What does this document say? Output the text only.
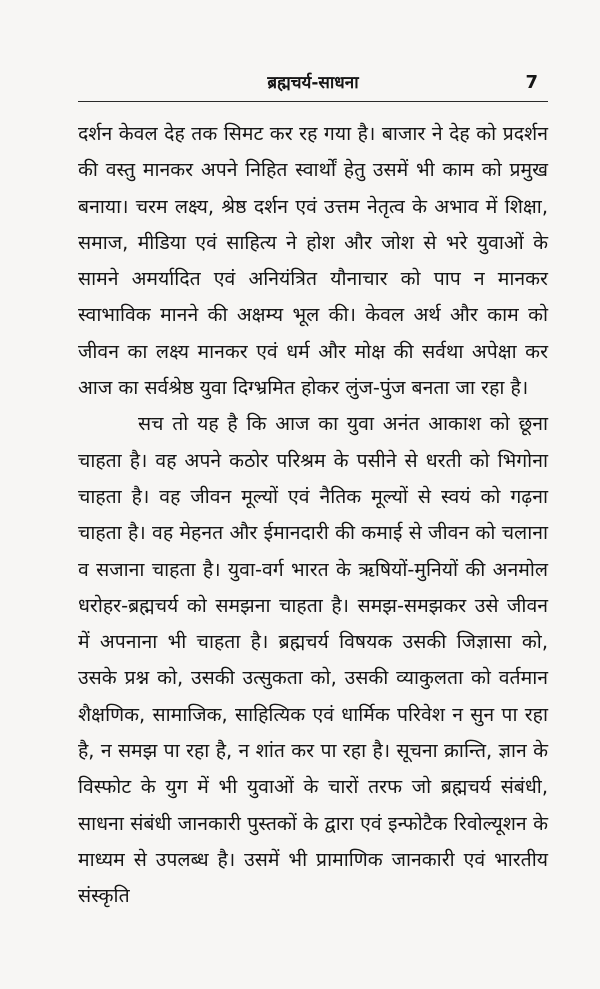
ब्रह्मचर्य-साधना	7

दर्शन केवल देह तक सिमट कर रह गया है। बाजार ने देह को प्रदर्शन की वस्तु मानकर अपने निहित स्वार्थों हेतु उसमें भी काम को प्रमुख बनाया। चरम लक्ष्य, श्रेष्ठ दर्शन एवं उत्तम नेतृत्व के अभाव में शिक्षा, समाज, मीडिया एवं साहित्य ने होश और जोश से भरे युवाओं के सामने अमर्यादित एवं अनियंत्रित यौनाचार को पाप न मानकर स्वाभाविक मानने की अक्षम्य भूल की। केवल अर्थ और काम को जीवन का लक्ष्य मानकर एवं धर्म और मोक्ष की सर्वथा अपेक्षा कर आज का सर्वश्रेष्ठ युवा दिग्भ्रमित होकर लुंज-पुंज बनता जा रहा है।

सच तो यह है कि आज का युवा अनंत आकाश को छूना चाहता है। वह अपने कठोर परिश्रम के पसीने से धरती को भिगोना चाहता है। वह जीवन मूल्यों एवं नैतिक मूल्यों से स्वयं को गढ़ना चाहता है। वह मेहनत और ईमानदारी की कमाई से जीवन को चलाना व सजाना चाहता है। युवा-वर्ग भारत के ऋषियों-मुनियों की अनमोल धरोहर-ब्रह्मचर्य को समझना चाहता है। समझ-समझकर उसे जीवन में अपनाना भी चाहता है। ब्रह्मचर्य विषयक उसकी जिज्ञासा को, उसके प्रश्न को, उसकी उत्सुकता को, उसकी व्याकुलता को वर्तमान शैक्षणिक, सामाजिक, साहित्यिक एवं धार्मिक परिवेश न सुन पा रहा है, न समझ पा रहा है, न शांत कर पा रहा है। सूचना क्रान्ति, ज्ञान के विस्फोट के युग में भी युवाओं के चारों तरफ जो ब्रह्मचर्य संबंधी, साधना संबंधी जानकारी पुस्तकों के द्वारा एवं इन्फोटैक रिवोल्यूशन के माध्यम से उपलब्ध है। उसमें भी प्रामाणिक जानकारी एवं भारतीय संस्कृति
